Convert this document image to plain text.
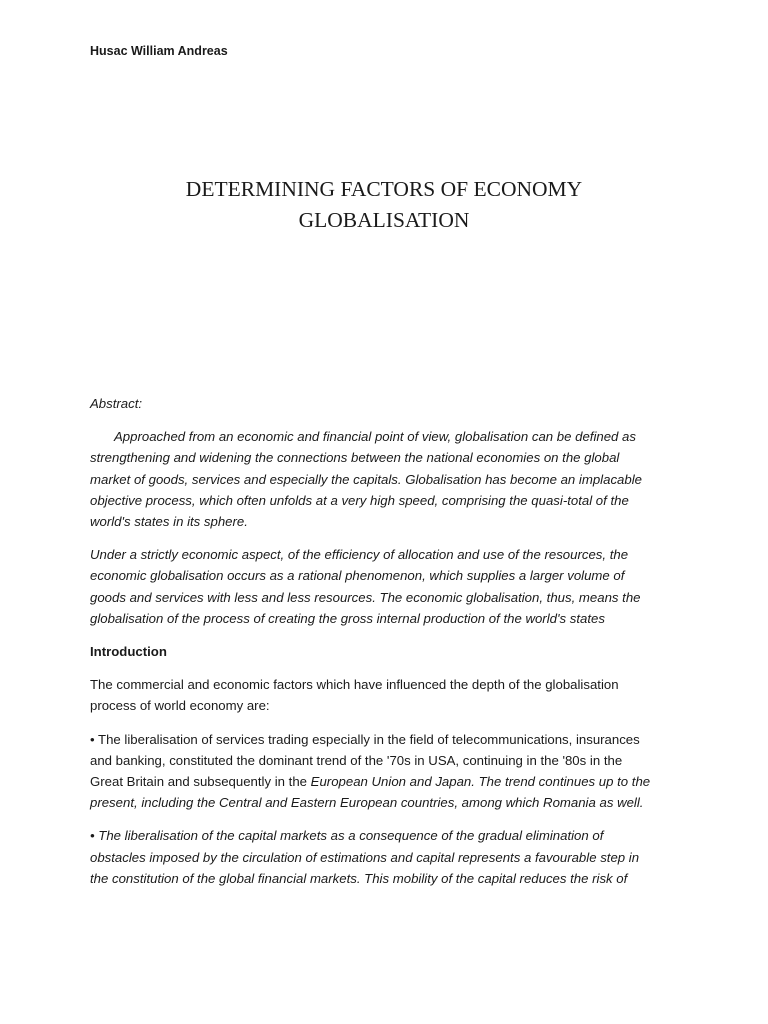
Husac William Andreas
DETERMINING FACTORS OF ECONOMY
GLOBALISATION
Abstract:
Approached from an economic and financial point of view, globalisation can be defined as
strengthening and widening the connections between the national economies on the global
market of goods, services and especially the capitals. Globalisation has become an implacable
objective process, which often unfolds at a very high speed, comprising the quasi-total of the
world's states in its sphere.
Under a strictly economic aspect, of the efficiency of allocation and use of the resources, the
economic globalisation occurs as a rational phenomenon, which supplies a larger volume of
goods and services with less and less resources. The economic globalisation, thus, means the
globalisation of the process of creating the gross internal production of the world's states
Introduction
The commercial and economic factors which have influenced the depth of the globalisation
process of world economy are:
• The liberalisation of services trading especially in the field of telecommunications, insurances
and banking, constituted the dominant trend of the '70s in USA, continuing in the '80s in the
Great Britain and subsequently in the European Union and Japan. The trend continues up to the
present, including the Central and Eastern European countries, among which Romania as well.
• The liberalisation of the capital markets as a consequence of the gradual elimination of
obstacles imposed by the circulation of estimations and capital represents a favourable step in
the constitution of the global financial markets. This mobility of the capital reduces the risk of
